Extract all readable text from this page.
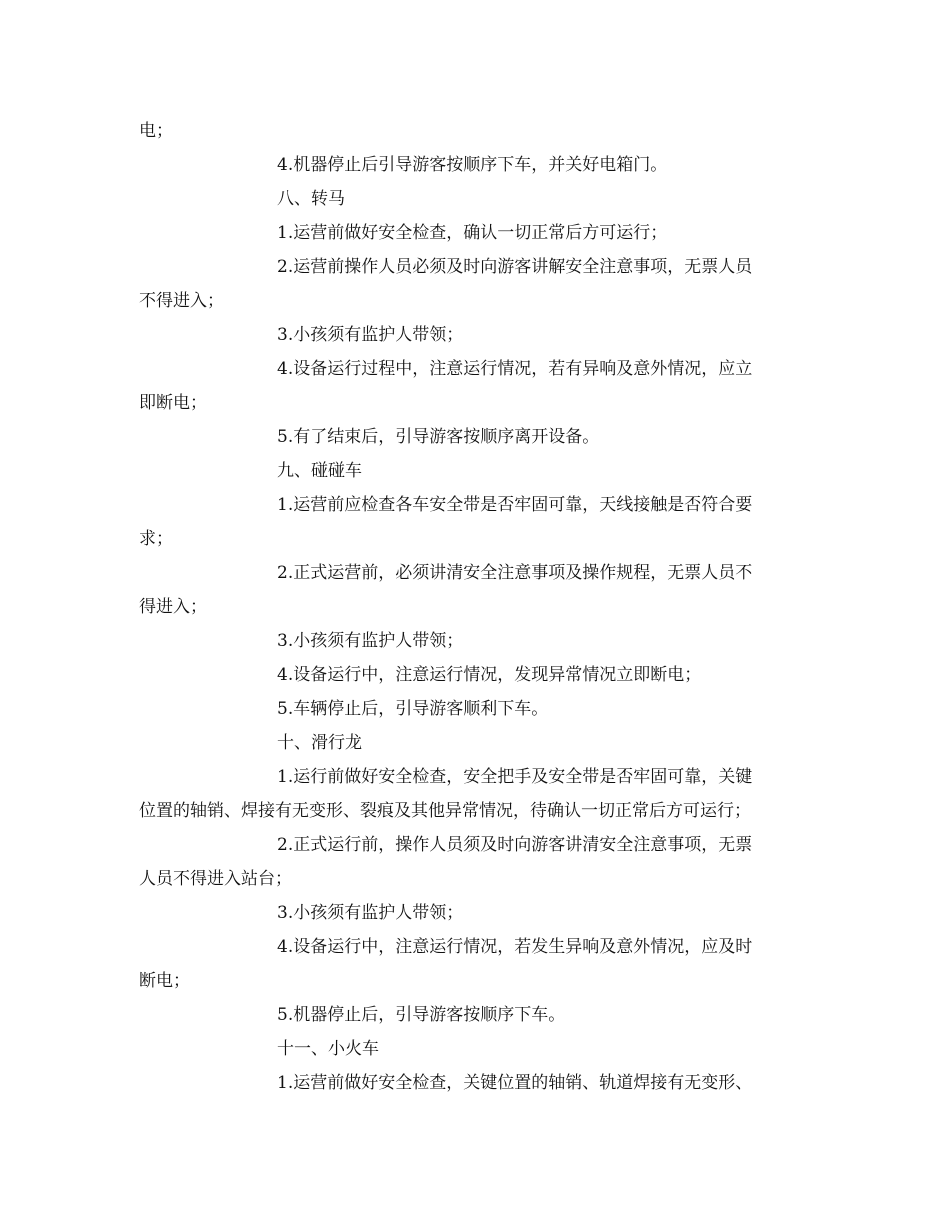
电；
4.机器停止后引导游客按顺序下车，并关好电箱门。
八、转马
1.运营前做好安全检查，确认一切正常后方可运行；
2.运营前操作人员必须及时向游客讲解安全注意事项，无票人员
不得进入；
3.小孩须有监护人带领；
4.设备运行过程中，注意运行情况，若有异响及意外情况，应立
即断电；
5.有了结束后，引导游客按顺序离开设备。
九、碰碰车
1.运营前应检查各车安全带是否牢固可靠，天线接触是否符合要
求；
2.正式运营前，必须讲清安全注意事项及操作规程，无票人员不
得进入；
3.小孩须有监护人带领；
4.设备运行中，注意运行情况，发现异常情况立即断电；
5.车辆停止后，引导游客顺利下车。
十、滑行龙
1.运行前做好安全检查，安全把手及安全带是否牢固可靠，关键
位置的轴销、焊接有无变形、裂痕及其他异常情况，待确认一切正常后方可运行；
2.正式运行前，操作人员须及时向游客讲清安全注意事项，无票
人员不得进入站台；
3.小孩须有监护人带领；
4.设备运行中，注意运行情况，若发生异响及意外情况，应及时
断电；
5.机器停止后，引导游客按顺序下车。
十一、小火车
1.运营前做好安全检查，关键位置的轴销、轨道焊接有无变形、
